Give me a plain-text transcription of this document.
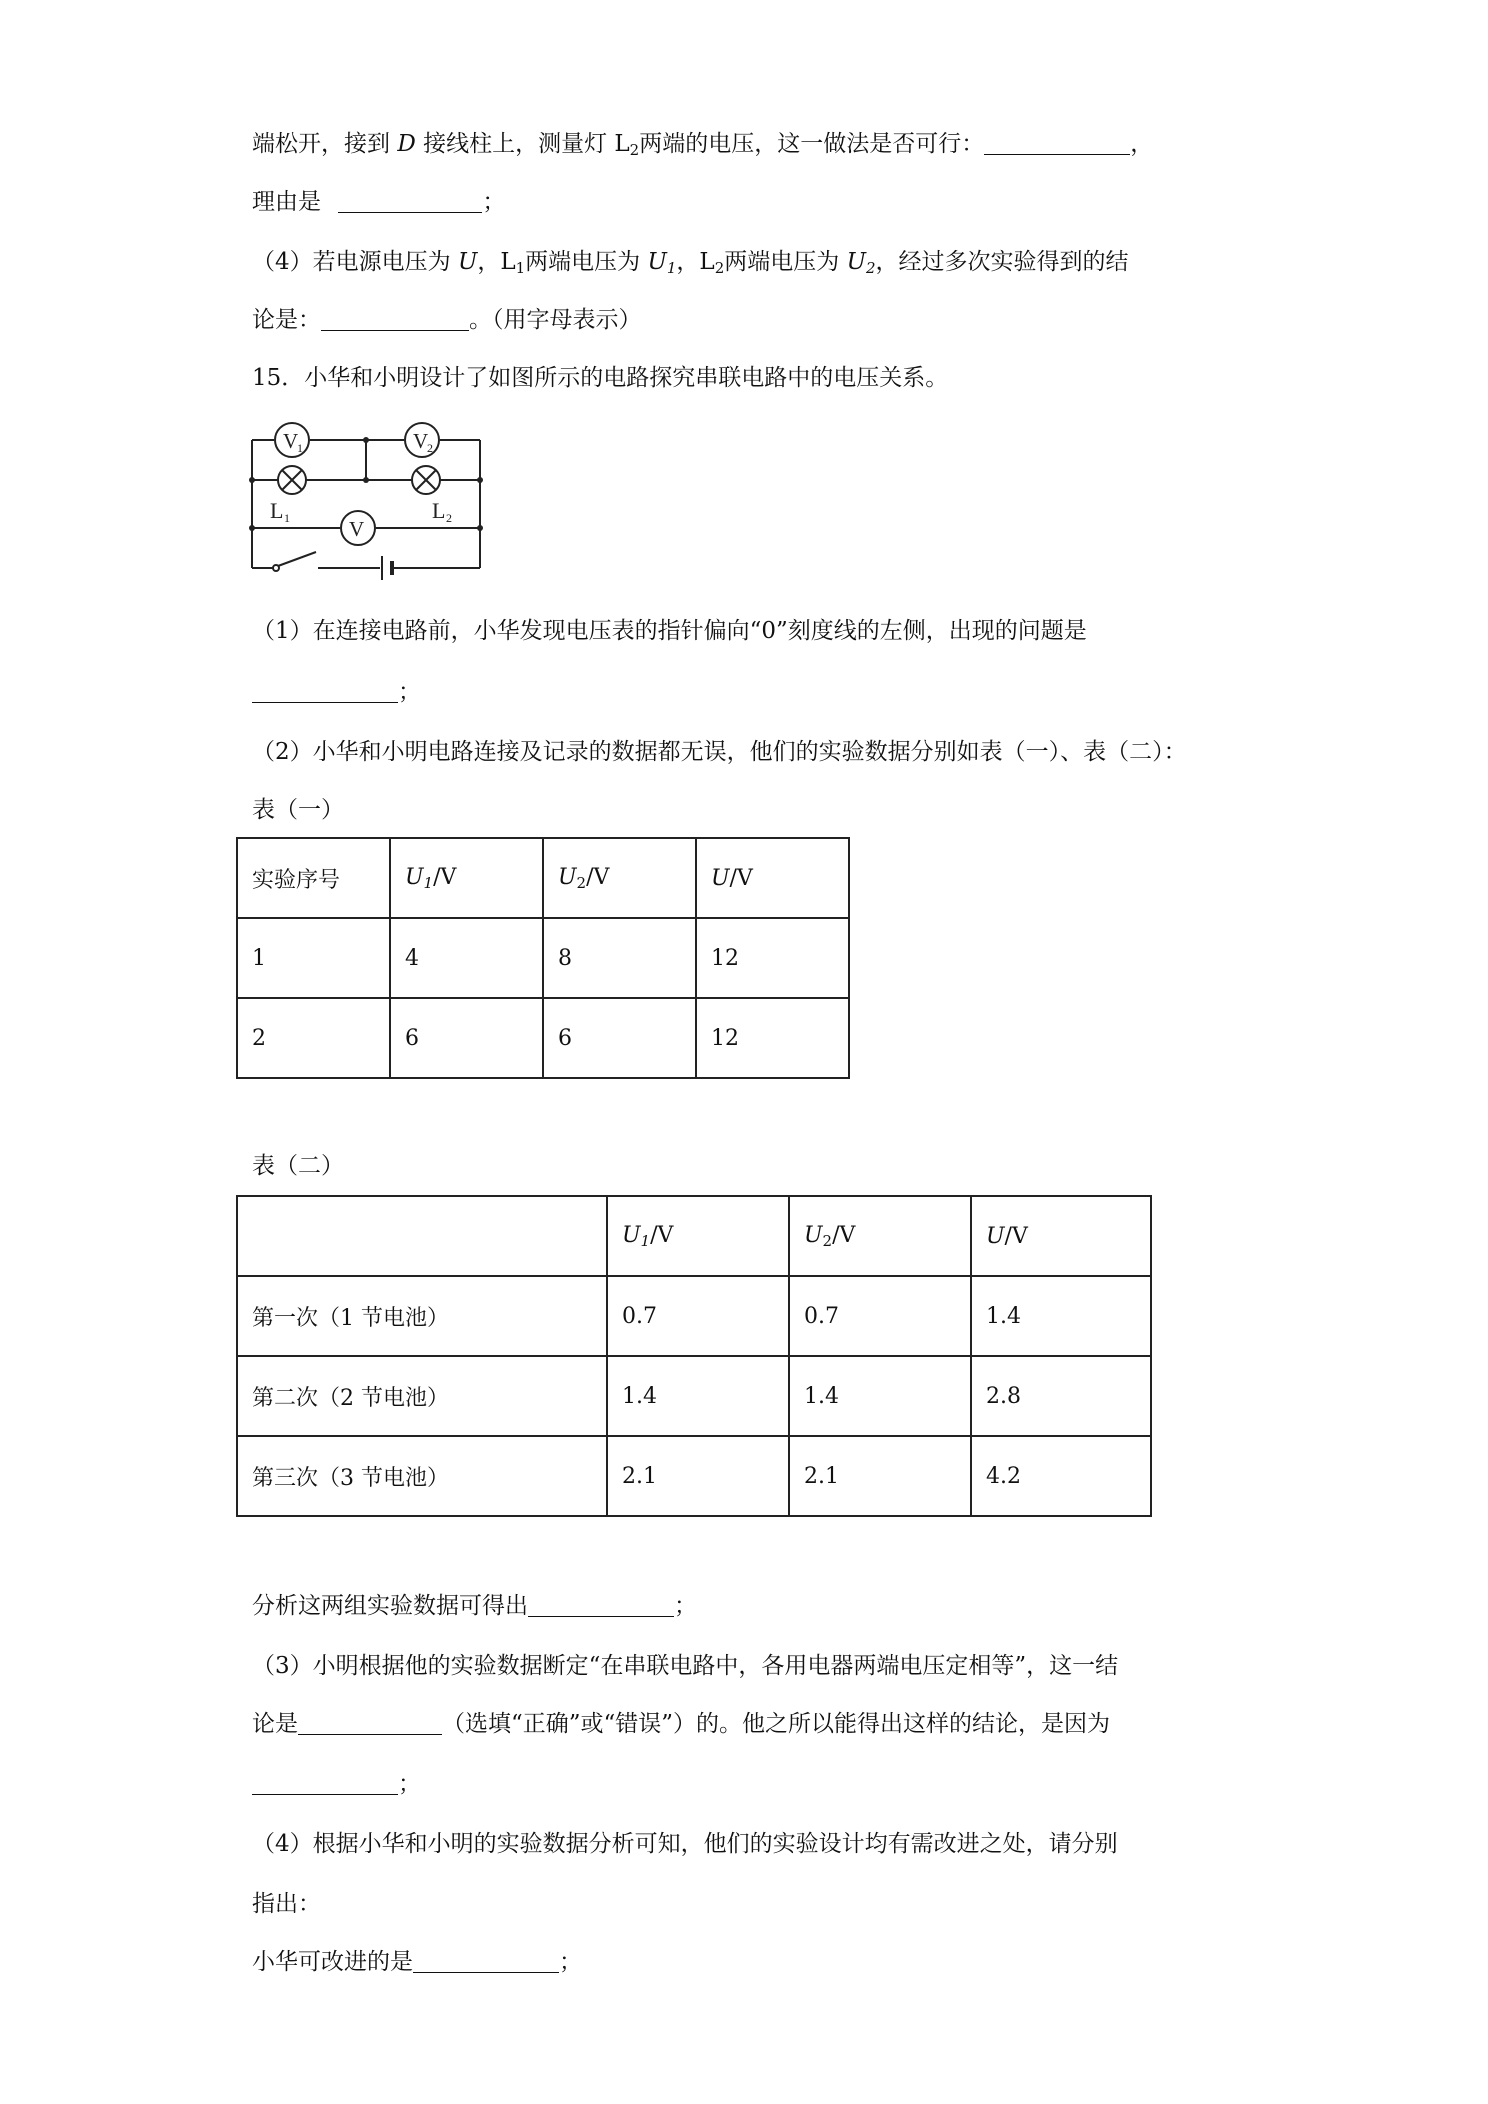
端松开，接到 D 接线柱上，测量灯 $L_2$两端的电压，这一做法是否可行：	，
理由是	；
（4）若电源电压为 U，$L_1$两端电压为 $U_1$，$L_2$两端电压为 $U_2$，经过多次实验得到的结
论是：	。（用字母表示）
15．小华和小明设计了如图所示的电路探究串联电路中的电压关系。
V
1	V
2
L 1	L 2
V
（1）在连接电路前，小华发现电压表的指针偏向“0”刻度线的左侧，出现的问题是
；
（2）小华和小明电路连接及记录的数据都无误，他们的实验数据分别如表（一）、表（二）：
表（一）
实验序号	$U_1/V$	$U_2/V$	U/V
1	4	8	12
2	6	6	12
表（二）
	$U_1/V$	$U_2/V$	U/V
第一次（1 节电池）	0.7	0.7	1.4
第二次（2 节电池）	1.4	1.4	2.8
第三次（3 节电池）	2.1	2.1	4.2
分析这两组实验数据可得出	；
（3）小明根据他的实验数据断定“在串联电路中，各用电器两端电压定相等”，这一结
论是	（选填“正确”或“错误”）的。他之所以能得出这样的结论，是因为
；
（4）根据小华和小明的实验数据分析可知，他们的实验设计均有需改进之处，请分别
指出：
小华可改进的是	；
